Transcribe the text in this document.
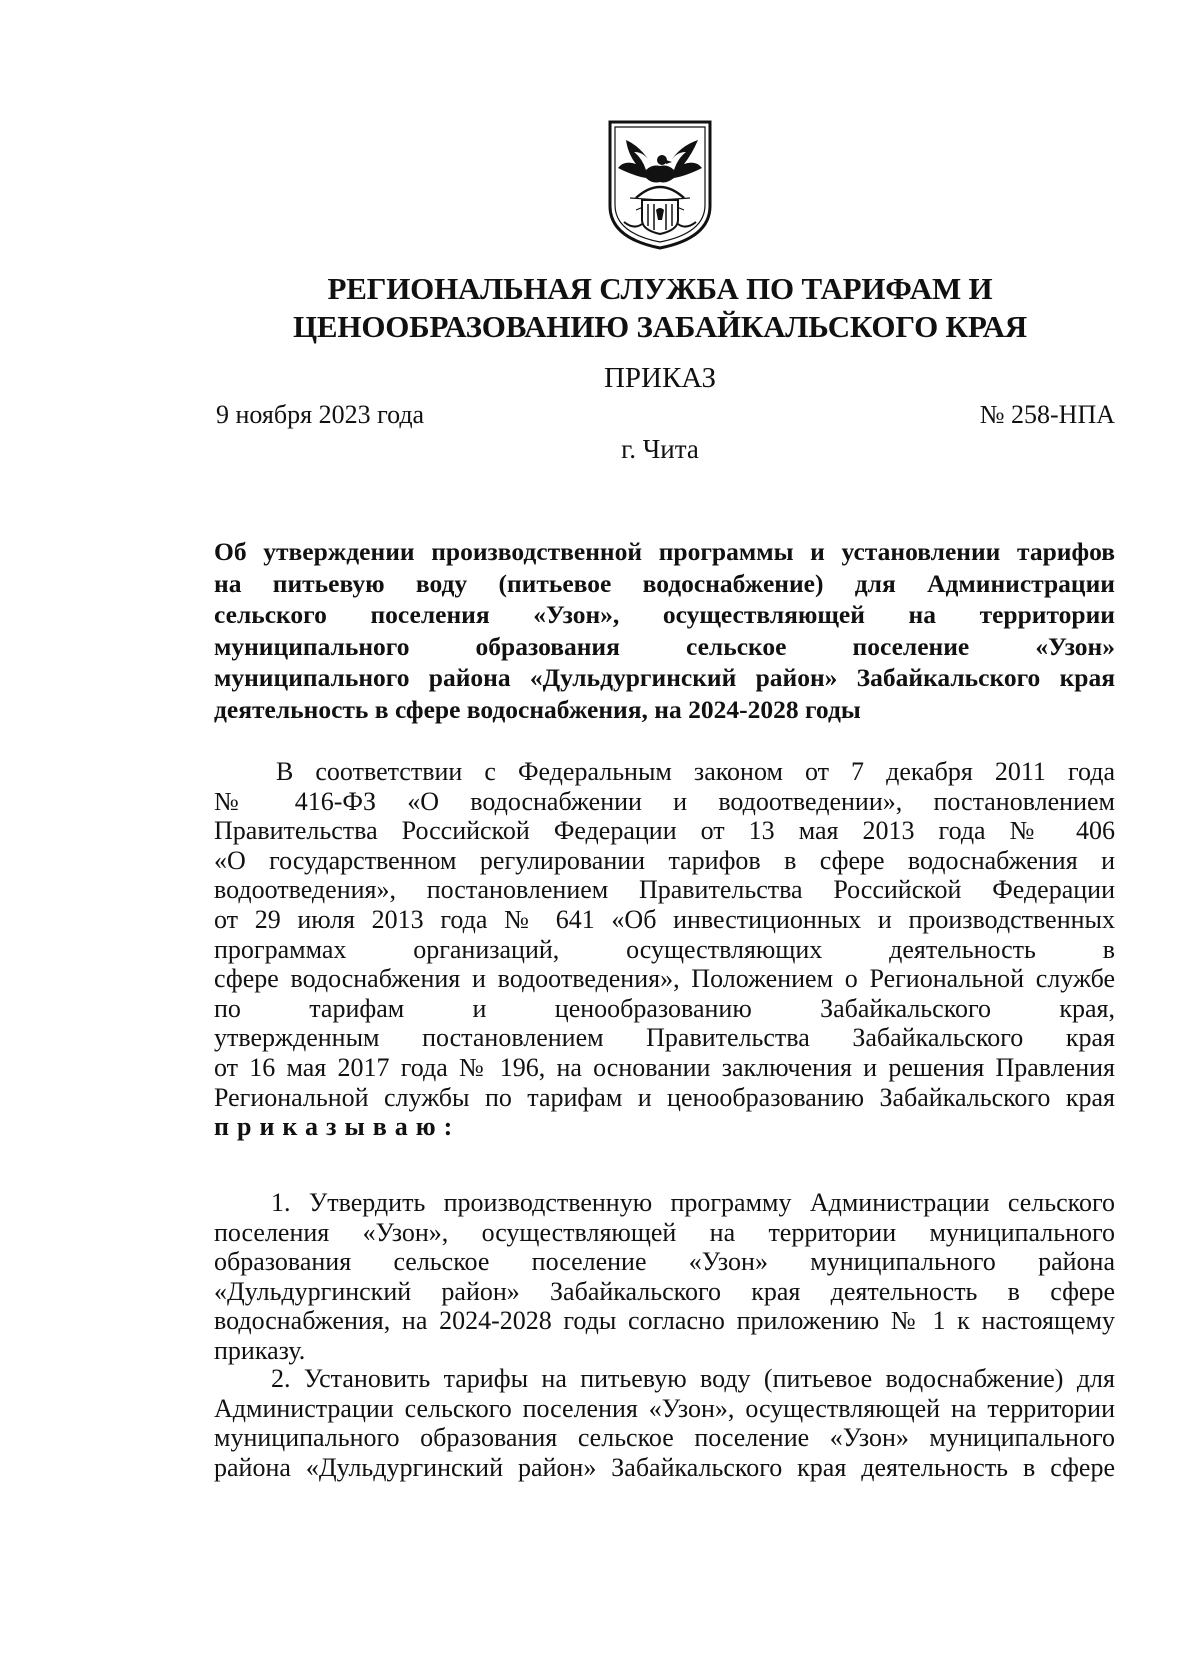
РЕГИОНАЛЬНАЯ СЛУЖБА ПО ТАРИФАМ И
ЦЕНООБРАЗОВАНИЮ ЗАБАЙКАЛЬСКОГО КРАЯ
ПРИКАЗ
9 ноября 2023 года	№ 258-НПА
г. Чита
Об утверждении производственной программы и установлении тарифов
на питьевую воду (питьевое водоснабжение) для Администрации
сельского поселения «Узон», осуществляющей на территории
муниципального образования сельское поселение «Узон»
муниципального района «Дульдургинский район» Забайкальского края
деятельность в сфере водоснабжения, на 2024-2028 годы
В соответствии с Федеральным законом от 7 декабря 2011 года
№ 416-ФЗ «О водоснабжении и водоотведении», постановлением
Правительства Российской Федерации от 13 мая 2013 года № 406
«О государственном регулировании тарифов в сфере водоснабжения и
водоотведения», постановлением Правительства Российской Федерации
от 29 июля 2013 года № 641 «Об инвестиционных и производственных
программах организаций, осуществляющих деятельность в
сфере водоснабжения и водоотведения», Положением о Региональной службе
по тарифам и ценообразованию Забайкальского края,
утвержденным постановлением Правительства Забайкальского края
от 16 мая 2017 года № 196, на основании заключения и решения Правления
Региональной службы по тарифам и ценообразованию Забайкальского края
приказываю:
1. Утвердить производственную программу Администрации сельского
поселения «Узон», осуществляющей на территории муниципального
образования сельское поселение «Узон» муниципального района
«Дульдургинский район» Забайкальского края деятельность в сфере
водоснабжения, на 2024-2028 годы согласно приложению № 1 к настоящему
приказу.
2. Установить тарифы на питьевую воду (питьевое водоснабжение) для
Администрации сельского поселения «Узон», осуществляющей на территории
муниципального образования сельское поселение «Узон» муниципального
района «Дульдургинский район» Забайкальского края деятельность в сфере
